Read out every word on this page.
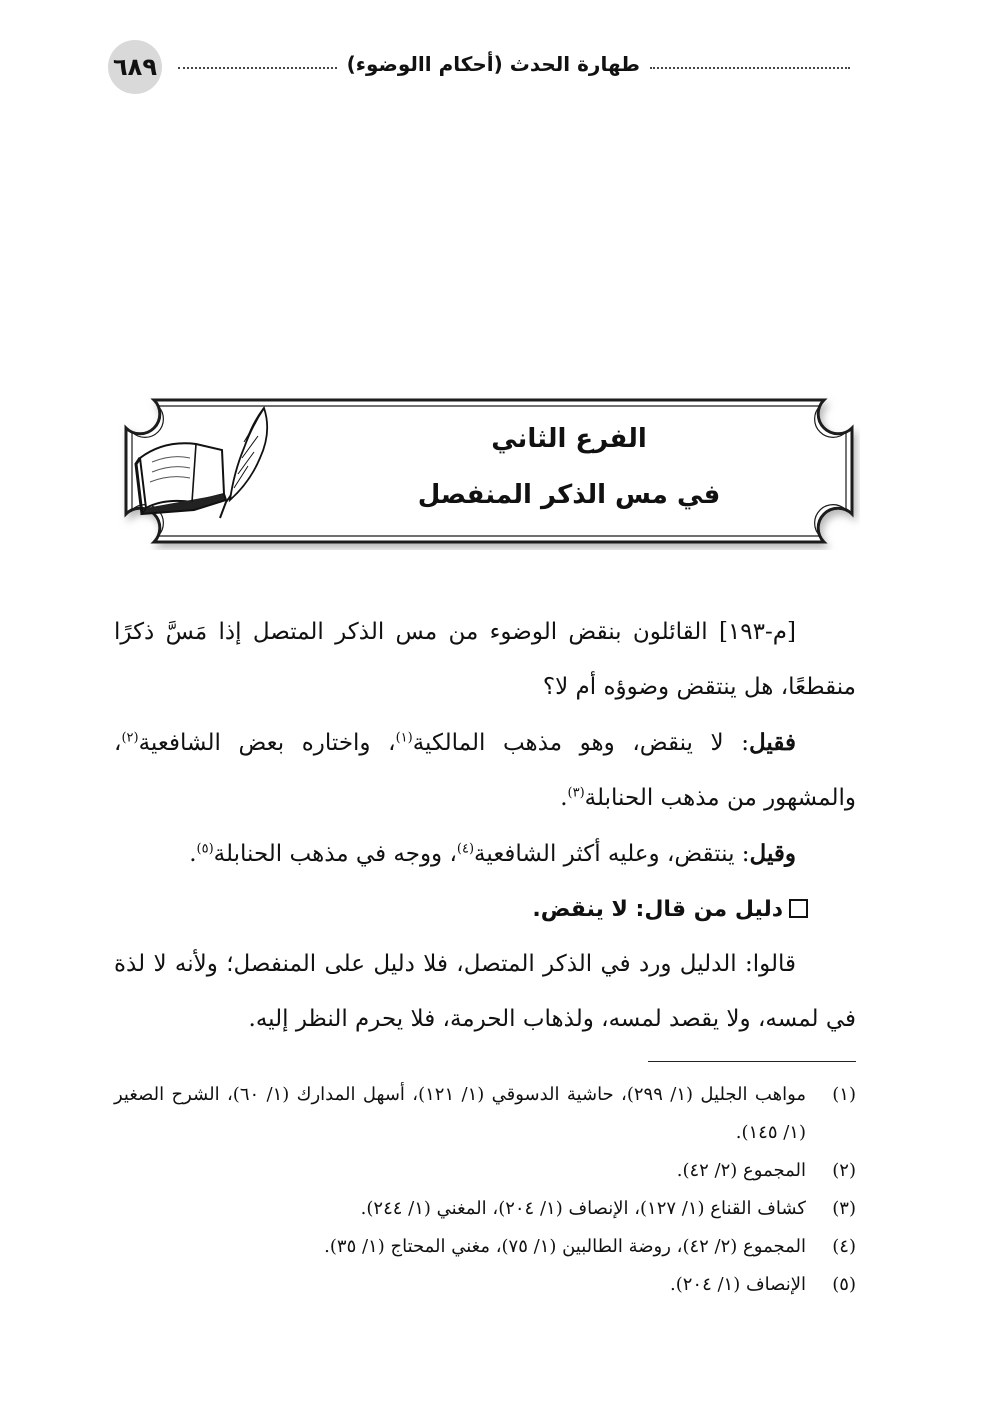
٦٨٩	طهارة الحدث (أحكام االوضوء)
الفرع الثاني
في مس الذكر المنفصل

[م-١٩٣] القائلون بنقض الوضوء من مس الذكر المتصل إذا مَسَّ ذكرًا منقطعًا، هل ينتقض وضوؤه أم لا؟

فقيل: لا ينقض، وهو مذهب المالكية$^{(١)}$، واختاره بعض الشافعية$^{(٢)}$، والمشهور من مذهب الحنابلة$^{(٣)}$.

وقيل: ينتقض، وعليه أكثر الشافعية$^{(٤)}$، ووجه في مذهب الحنابلة$^{(٥)}$.

دليل من قال: لا ينقض.

قالوا: الدليل ورد في الذكر المتصل، فلا دليل على المنفصل؛ ولأنه لا لذة في لمسه، ولا يقصد لمسه، ولذهاب الحرمة، فلا يحرم النظر إليه.

(١)
مواهب الجليل (١/ ٢٩٩)، حاشية الدسوقي (١/ ١٢١)، أسهل المدارك (١/ ٦٠)، الشرح الصغير (١/ ١٤٥).
(٢)
المجموع (٢/ ٤٢).
(٣)
كشاف القناع (١/ ١٢٧)، الإنصاف (١/ ٢٠٤)، المغني (١/ ٢٤٤).
(٤)
المجموع (٢/ ٤٢)، روضة الطالبين (١/ ٧٥)، مغني المحتاج (١/ ٣٥).
(٥)
الإنصاف (١/ ٢٠٤).
